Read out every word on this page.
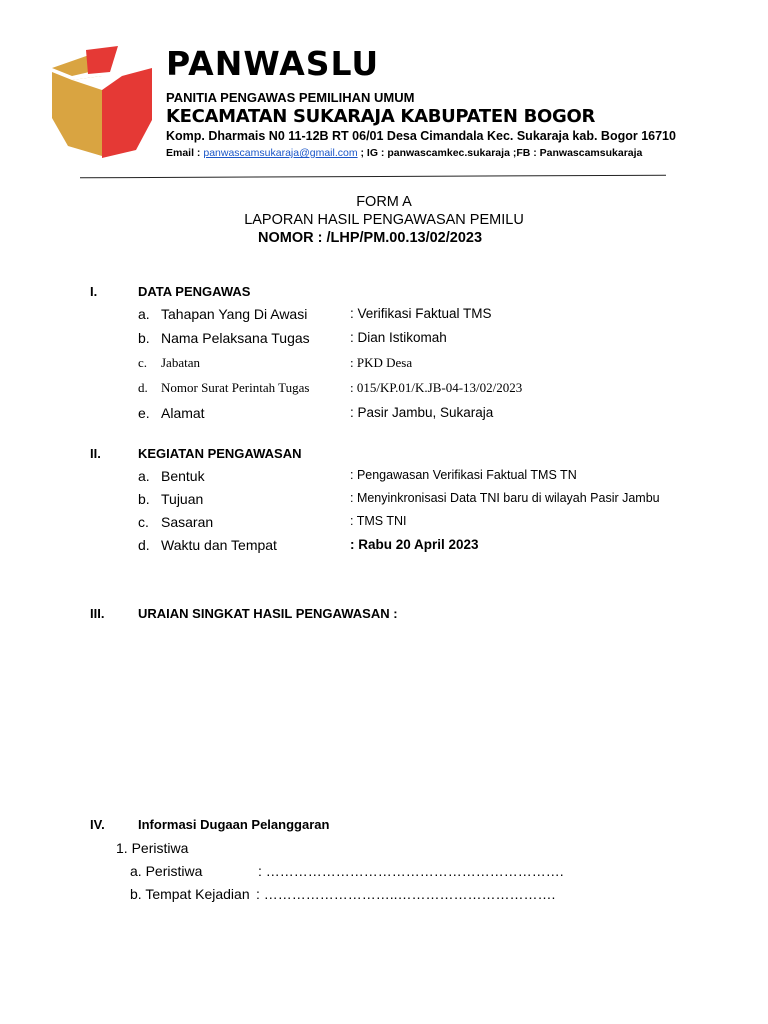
PANWASLU
PANITIA PENGAWAS PEMILIHAN UMUM
KECAMATAN SUKARAJA KABUPATEN BOGOR
Komp. Dharmais N0 11-12B RT 06/01 Desa Cimandala Kec. Sukaraja kab. Bogor 16710
Email : panwascamsukaraja@gmail.com ; IG : panwascamkec.sukaraja ;FB : Panwascamsukaraja
FORM A
LAPORAN HASIL PENGAWASAN PEMILU
NOMOR : /LHP/PM.00.13/02/2023
I.	DATA PENGAWAS
a. Tahapan Yang Di Awasi	: Verifikasi Faktual TMS
b. Nama Pelaksana Tugas	: Dian Istikomah
c. Jabatan	: PKD Desa
d. Nomor Surat Perintah Tugas	: 015/KP.01/K.JB-04-13/02/2023
e. Alamat	: Pasir Jambu, Sukaraja
II.	KEGIATAN PENGAWASAN
a. Bentuk	: Pengawasan Verifikasi Faktual TMS TN
b. Tujuan	: Menyinkronisasi Data TNI baru di wilayah Pasir Jambu
c. Sasaran	: TMS TNI
d. Waktu dan Tempat	: Rabu 20 April 2023
III.	URAIAN SINGKAT HASIL PENGAWASAN :
IV.	Informasi Dugaan Pelanggaran
1. Peristiwa
a. Peristiwa	: ……………………………………………………….
b. Tempat Kejadian : ………………………..…………………………….
